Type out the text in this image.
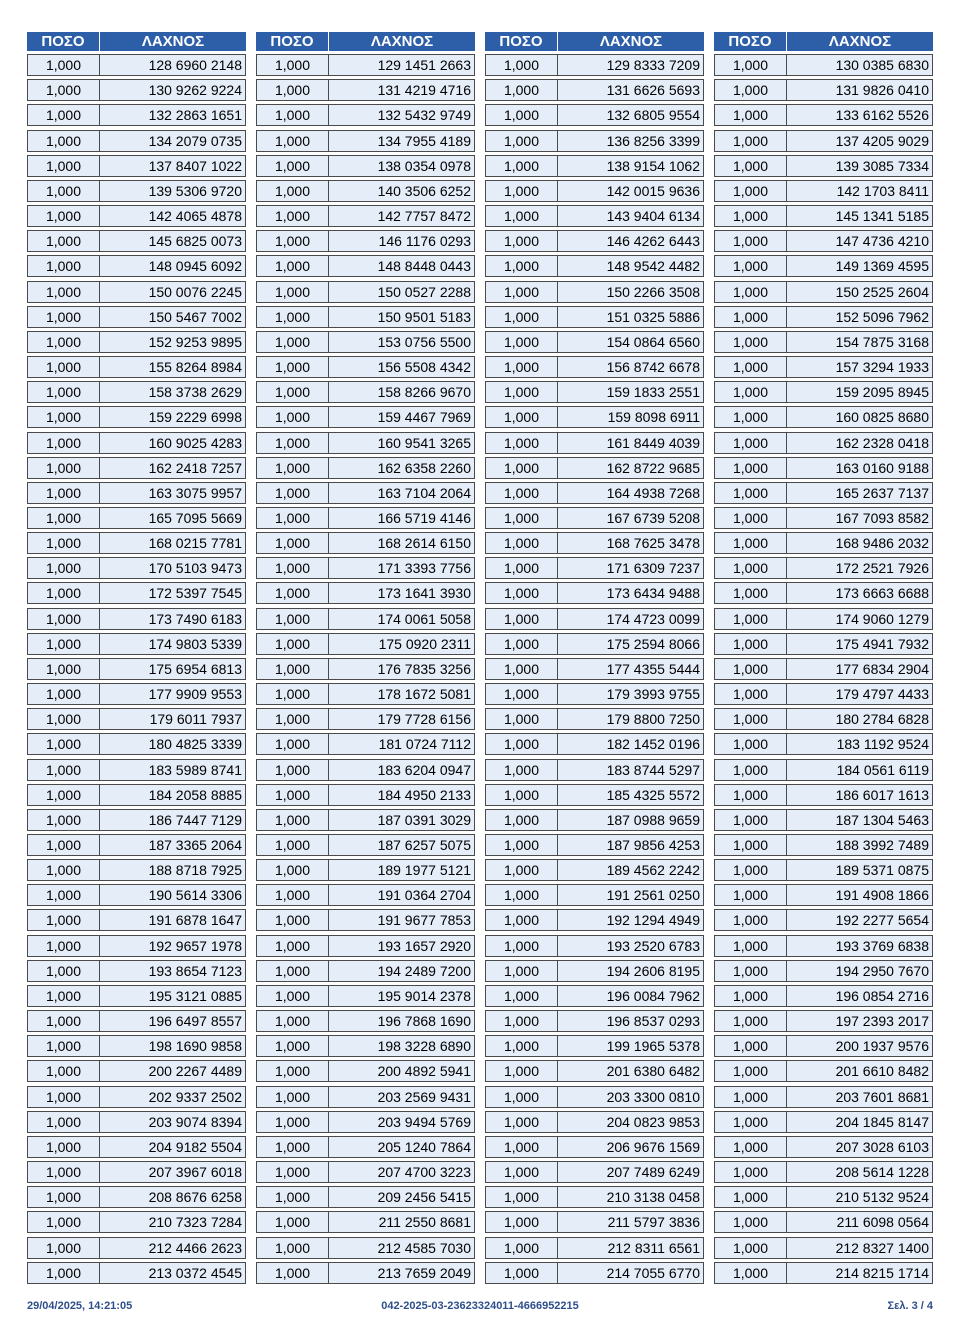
ΠΟΣΟ	ΛΑΧΝΟΣ
1,000	128 6960 2148
1,000	130 9262 9224
1,000	132 2863 1651
1,000	134 2079 0735
1,000	137 8407 1022
1,000	139 5306 9720
1,000	142 4065 4878
1,000	145 6825 0073
1,000	148 0945 6092
1,000	150 0076 2245
1,000	150 5467 7002
1,000	152 9253 9895
1,000	155 8264 8984
1,000	158 3738 2629
1,000	159 2229 6998
1,000	160 9025 4283
1,000	162 2418 7257
1,000	163 3075 9957
1,000	165 7095 5669
1,000	168 0215 7781
1,000	170 5103 9473
1,000	172 5397 7545
1,000	173 7490 6183
1,000	174 9803 5339
1,000	175 6954 6813
1,000	177 9909 9553
1,000	179 6011 7937
1,000	180 4825 3339
1,000	183 5989 8741
1,000	184 2058 8885
1,000	186 7447 7129
1,000	187 3365 2064
1,000	188 8718 7925
1,000	190 5614 3306
1,000	191 6878 1647
1,000	192 9657 1978
1,000	193 8654 7123
1,000	195 3121 0885
1,000	196 6497 8557
1,000	198 1690 9858
1,000	200 2267 4489
1,000	202 9337 2502
1,000	203 9074 8394
1,000	204 9182 5504
1,000	207 3967 6018
1,000	208 8676 6258
1,000	210 7323 7284
1,000	212 4466 2623
1,000	213 0372 4545
ΠΟΣΟ	ΛΑΧΝΟΣ
1,000	129 1451 2663
1,000	131 4219 4716
1,000	132 5432 9749
1,000	134 7955 4189
1,000	138 0354 0978
1,000	140 3506 6252
1,000	142 7757 8472
1,000	146 1176 0293
1,000	148 8448 0443
1,000	150 0527 2288
1,000	150 9501 5183
1,000	153 0756 5500
1,000	156 5508 4342
1,000	158 8266 9670
1,000	159 4467 7969
1,000	160 9541 3265
1,000	162 6358 2260
1,000	163 7104 2064
1,000	166 5719 4146
1,000	168 2614 6150
1,000	171 3393 7756
1,000	173 1641 3930
1,000	174 0061 5058
1,000	175 0920 2311
1,000	176 7835 3256
1,000	178 1672 5081
1,000	179 7728 6156
1,000	181 0724 7112
1,000	183 6204 0947
1,000	184 4950 2133
1,000	187 0391 3029
1,000	187 6257 5075
1,000	189 1977 5121
1,000	191 0364 2704
1,000	191 9677 7853
1,000	193 1657 2920
1,000	194 2489 7200
1,000	195 9014 2378
1,000	196 7868 1690
1,000	198 3228 6890
1,000	200 4892 5941
1,000	203 2569 9431
1,000	203 9494 5769
1,000	205 1240 7864
1,000	207 4700 3223
1,000	209 2456 5415
1,000	211 2550 8681
1,000	212 4585 7030
1,000	213 7659 2049
ΠΟΣΟ	ΛΑΧΝΟΣ
1,000	129 8333 7209
1,000	131 6626 5693
1,000	132 6805 9554
1,000	136 8256 3399
1,000	138 9154 1062
1,000	142 0015 9636
1,000	143 9404 6134
1,000	146 4262 6443
1,000	148 9542 4482
1,000	150 2266 3508
1,000	151 0325 5886
1,000	154 0864 6560
1,000	156 8742 6678
1,000	159 1833 2551
1,000	159 8098 6911
1,000	161 8449 4039
1,000	162 8722 9685
1,000	164 4938 7268
1,000	167 6739 5208
1,000	168 7625 3478
1,000	171 6309 7237
1,000	173 6434 9488
1,000	174 4723 0099
1,000	175 2594 8066
1,000	177 4355 5444
1,000	179 3993 9755
1,000	179 8800 7250
1,000	182 1452 0196
1,000	183 8744 5297
1,000	185 4325 5572
1,000	187 0988 9659
1,000	187 9856 4253
1,000	189 4562 2242
1,000	191 2561 0250
1,000	192 1294 4949
1,000	193 2520 6783
1,000	194 2606 8195
1,000	196 0084 7962
1,000	196 8537 0293
1,000	199 1965 5378
1,000	201 6380 6482
1,000	203 3300 0810
1,000	204 0823 9853
1,000	206 9676 1569
1,000	207 7489 6249
1,000	210 3138 0458
1,000	211 5797 3836
1,000	212 8311 6561
1,000	214 7055 6770
ΠΟΣΟ	ΛΑΧΝΟΣ
1,000	130 0385 6830
1,000	131 9826 0410
1,000	133 6162 5526
1,000	137 4205 9029
1,000	139 3085 7334
1,000	142 1703 8411
1,000	145 1341 5185
1,000	147 4736 4210
1,000	149 1369 4595
1,000	150 2525 2604
1,000	152 5096 7962
1,000	154 7875 3168
1,000	157 3294 1933
1,000	159 2095 8945
1,000	160 0825 8680
1,000	162 2328 0418
1,000	163 0160 9188
1,000	165 2637 7137
1,000	167 7093 8582
1,000	168 9486 2032
1,000	172 2521 7926
1,000	173 6663 6688
1,000	174 9060 1279
1,000	175 4941 7932
1,000	177 6834 2904
1,000	179 4797 4433
1,000	180 2784 6828
1,000	183 1192 9524
1,000	184 0561 6119
1,000	186 6017 1613
1,000	187 1304 5463
1,000	188 3992 7489
1,000	189 5371 0875
1,000	191 4908 1866
1,000	192 2277 5654
1,000	193 3769 6838
1,000	194 2950 7670
1,000	196 0854 2716
1,000	197 2393 2017
1,000	200 1937 9576
1,000	201 6610 8482
1,000	203 7601 8681
1,000	204 1845 8147
1,000	207 3028 6103
1,000	208 5614 1228
1,000	210 5132 9524
1,000	211 6098 0564
1,000	212 8327 1400
1,000	214 8215 1714
042-2025-03-23623324011-4666952215
29/04/2025, 14:21:05	Σελ. 3 / 4
